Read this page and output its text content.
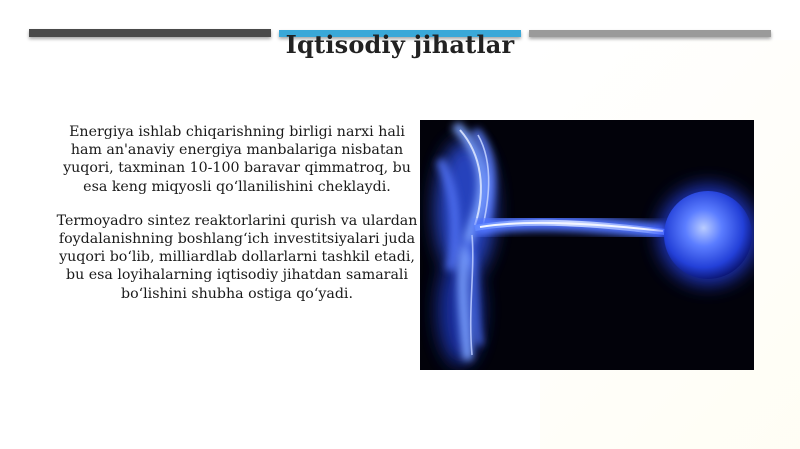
Iqtisodiy jihatlar

Energiya ishlab chiqarishning birligi narxi hali ham an'anaviy energiya manbalariga nisbatan yuqori, taxminan 10-100 baravar qimmatroq, bu esa keng miqyosli qo‘llanilishini cheklaydi.

Termoyadro sintez reaktorlarini qurish va ulardan foydalanishning boshlang‘ich investitsiyalari juda yuqori bo‘lib, milliardlab dollarlarni tashkil etadi, bu esa loyihalarning iqtisodiy jihatdan samarali bo‘lishini shubha ostiga qo‘yadi.
